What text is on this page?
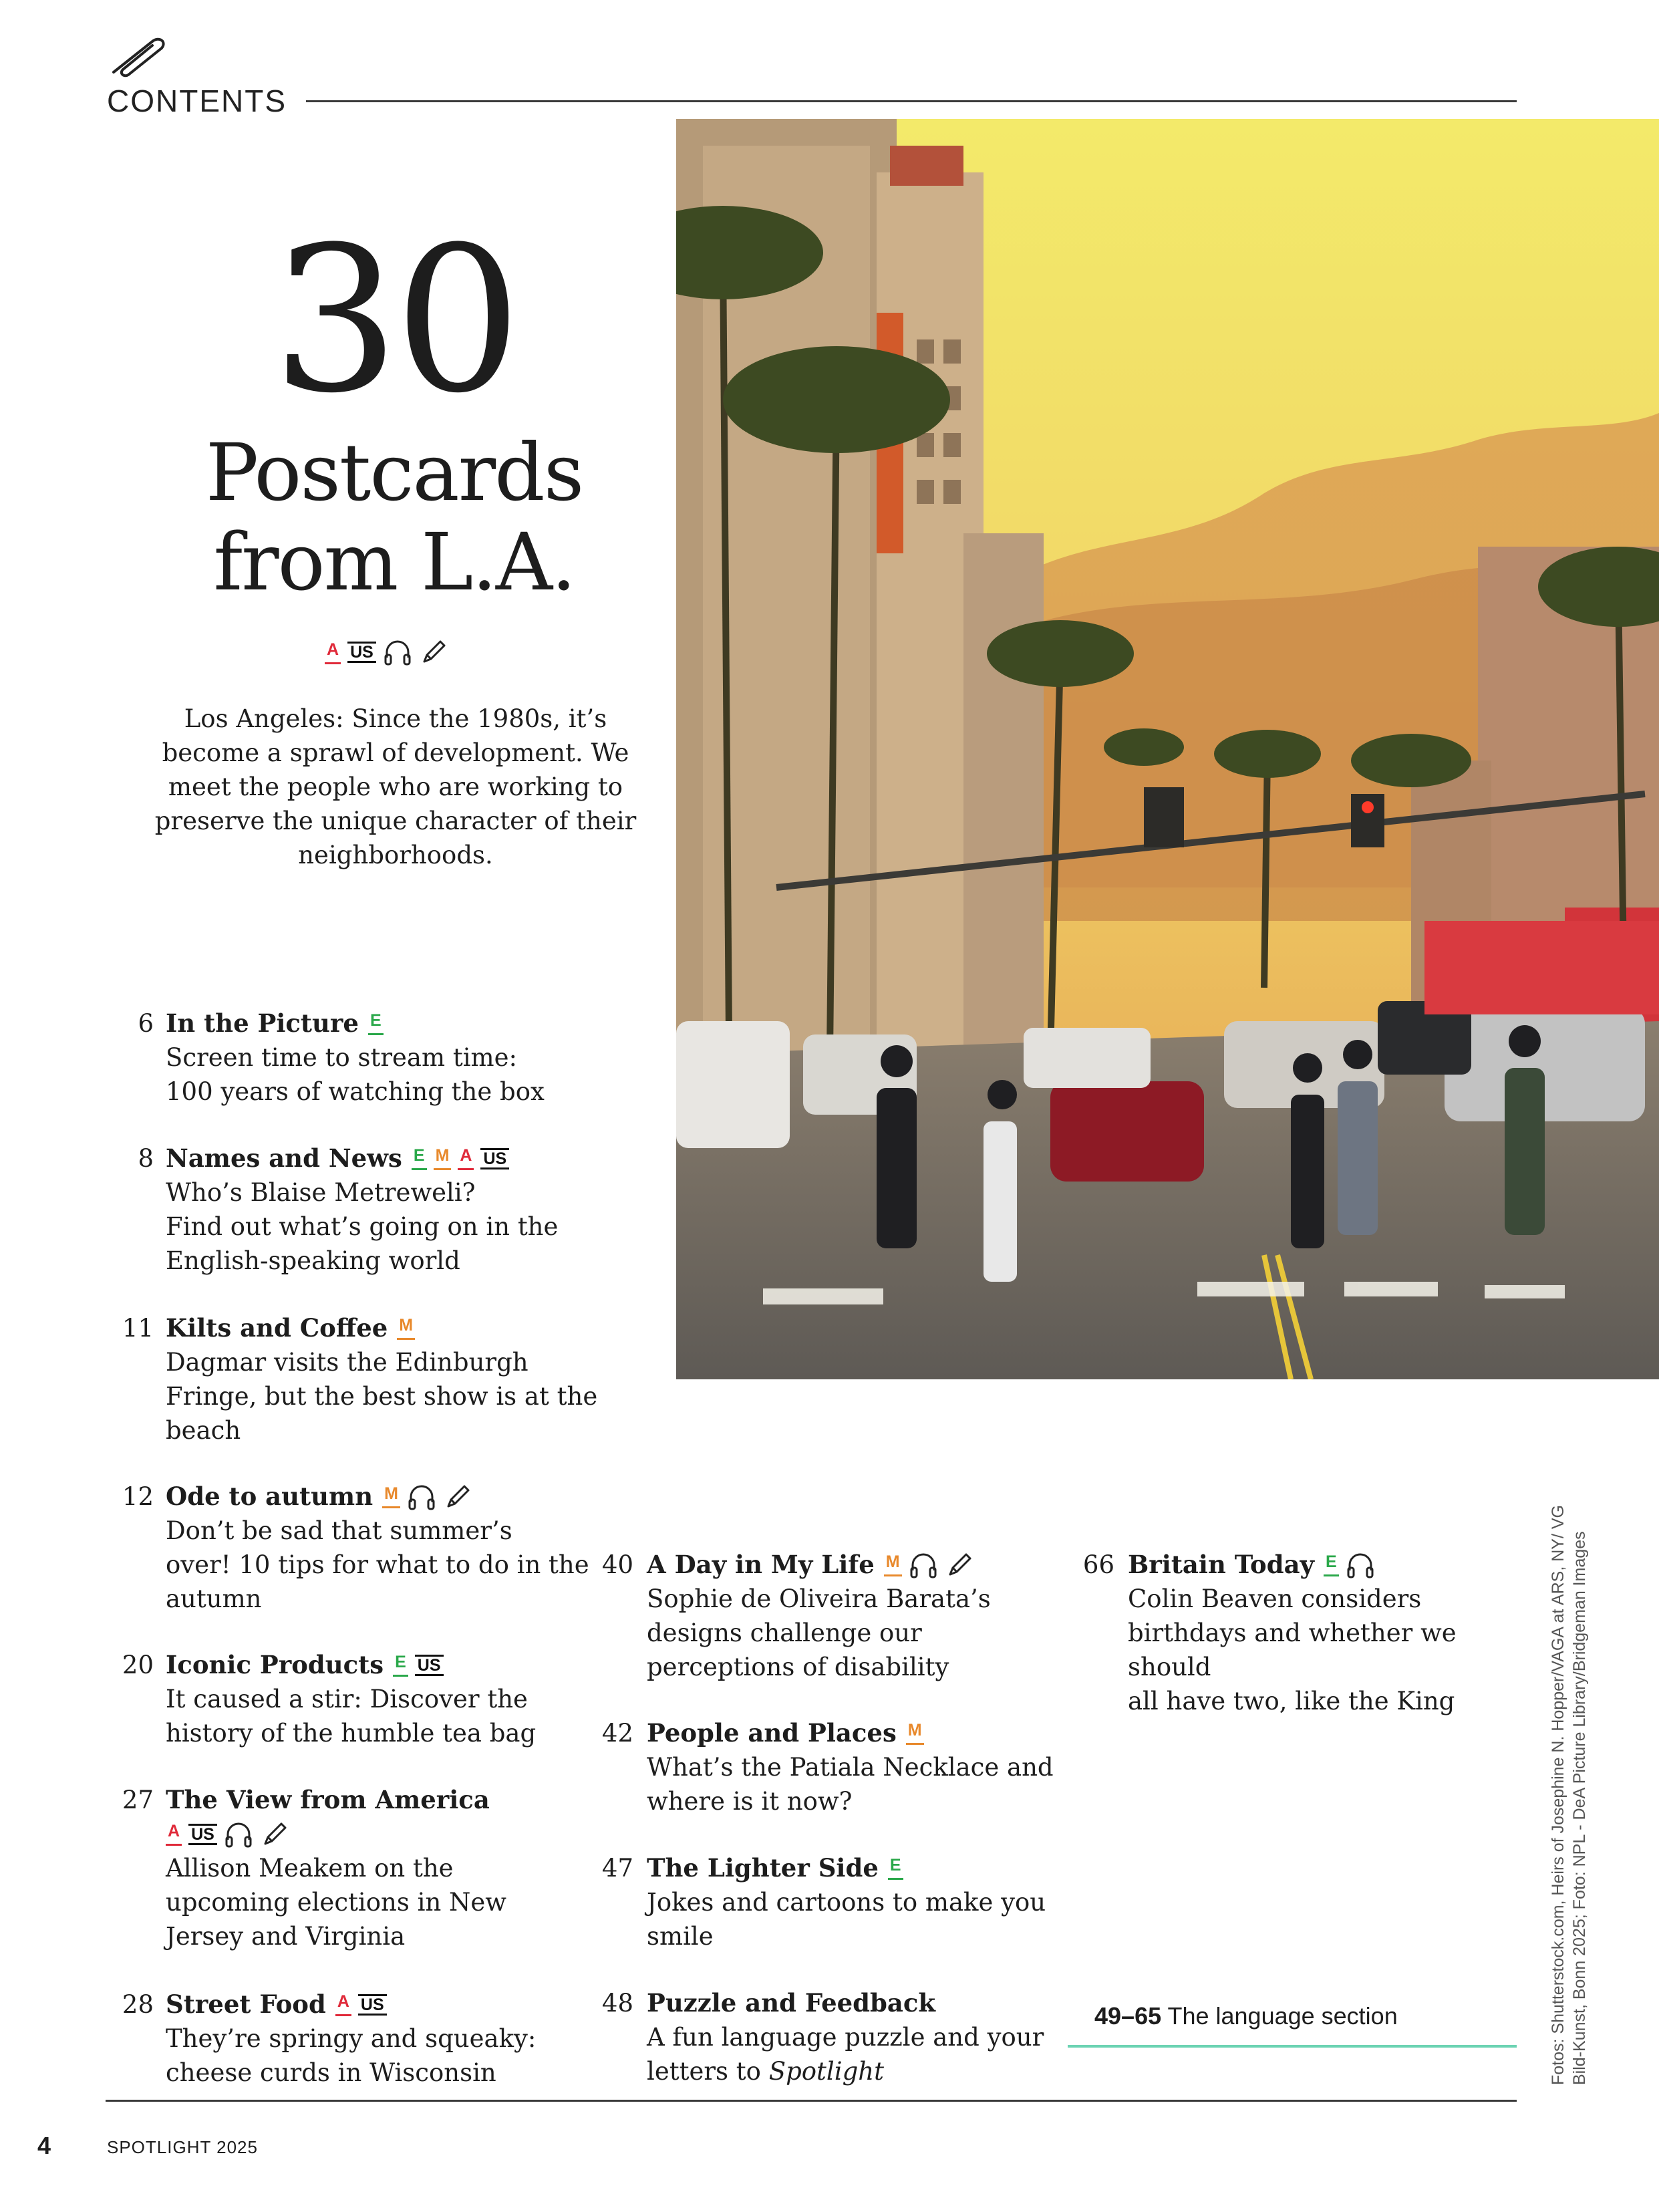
CONTENTS
30
Postcards
from L.A.
A US
Los Angeles: Since the 1980s, it’s become a sprawl of development. We meet the people who are working to preserve the unique character of their neighborhoods.
6 In the Picture E
Screen time to stream time:
100 years of watching the box
8 Names and News E M A US
Who’s Blaise Metreweli?
Find out what’s going on in the
English-speaking world
11 Kilts and Coffee M
Dagmar visits the Edinburgh
Fringe, but the best show is at the
beach
12 Ode to autumn M
Don’t be sad that summer’s
over! 10 tips for what to do in the
autumn
20 Iconic Products E US
It caused a stir: Discover the
history of the humble tea bag
27 The View from America
A US
Allison Meakem on the
upcoming elections in New
Jersey and Virginia
28 Street Food A US
They’re springy and squeaky:
cheese curds in Wisconsin
40 A Day in My Life M
Sophie de Oliveira Barata’s
designs challenge our
perceptions of disability
42 People and Places M
What’s the Patiala Necklace and
where is it now?
47 The Lighter Side E
Jokes and cartoons to make you
smile
48 Puzzle and Feedback
A fun language puzzle and your
letters to Spotlight
66 Britain Today E
Colin Beaven considers
birthdays and whether we should
all have two, like the King
49–65 The language section
4	SPOTLIGHT 2025
Fotos: Shutterstock.com, Heirs of Josephine N. Hopper/VAGA at ARS, NY/ VG Bild-Kunst, Bonn 2025; Foto: NPL - DeA Picture Library/Bridgeman Images
